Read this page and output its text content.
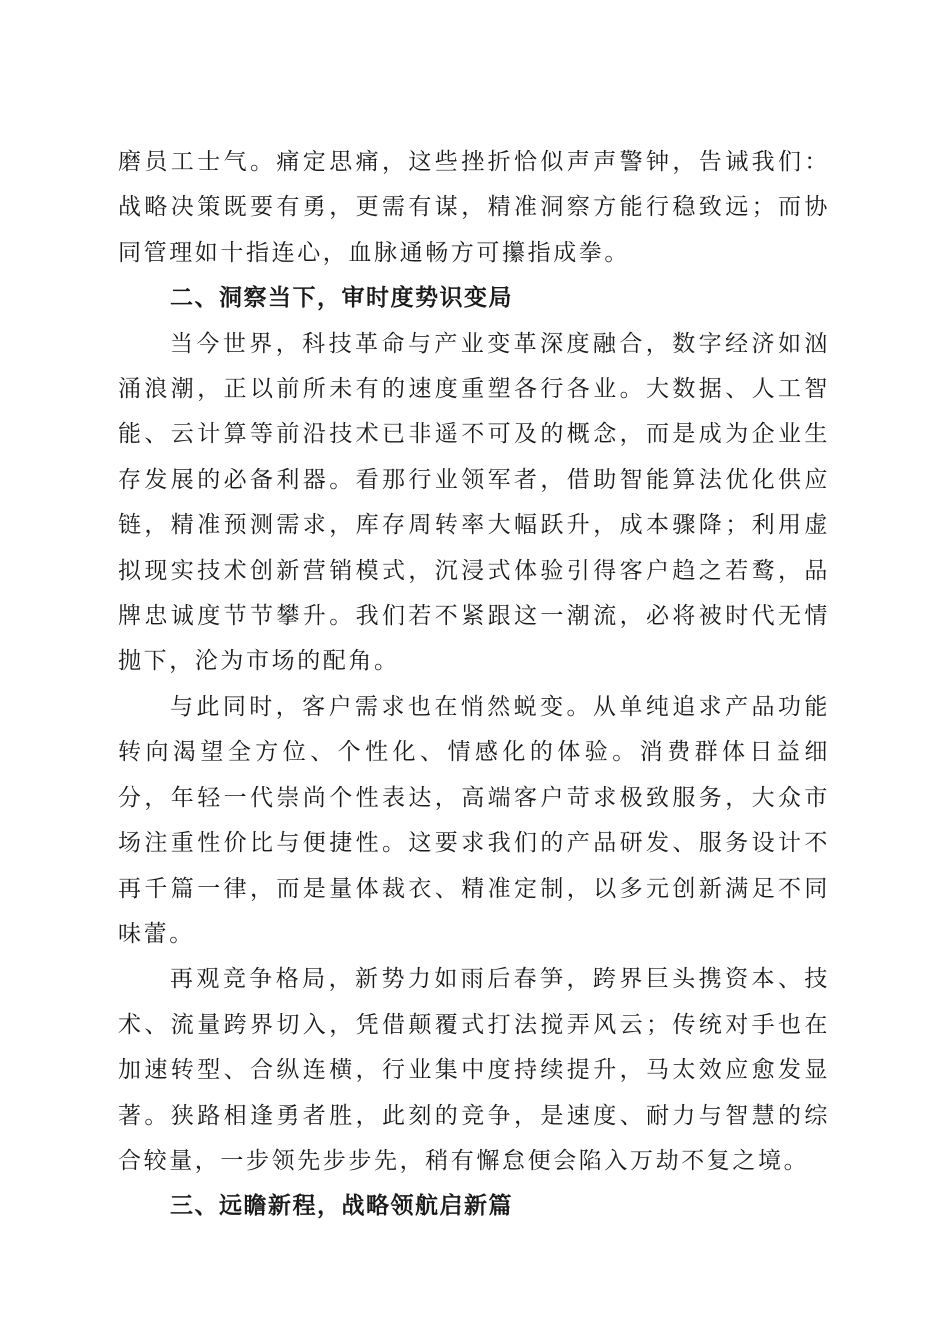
磨员工士气。痛定思痛，这些挫折恰似声声警钟，告诫我们：战略决策既要有勇，更需有谋，精准洞察方能行稳致远；而协同管理如十指连心，血脉通畅方可攥指成拳。

二、洞察当下，审时度势识变局

当今世界，科技革命与产业变革深度融合，数字经济如汹涌浪潮，正以前所未有的速度重塑各行各业。大数据、人工智能、云计算等前沿技术已非遥不可及的概念，而是成为企业生存发展的必备利器。看那行业领军者，借助智能算法优化供应链，精准预测需求，库存周转率大幅跃升，成本骤降；利用虚拟现实技术创新营销模式，沉浸式体验引得客户趋之若鹜，品牌忠诚度节节攀升。我们若不紧跟这一潮流，必将被时代无情抛下，沦为市场的配角。

与此同时，客户需求也在悄然蜕变。从单纯追求产品功能转向渴望全方位、个性化、情感化的体验。消费群体日益细分，年轻一代崇尚个性表达，高端客户苛求极致服务，大众市场注重性价比与便捷性。这要求我们的产品研发、服务设计不再千篇一律，而是量体裁衣、精准定制，以多元创新满足不同味蕾。

再观竞争格局，新势力如雨后春笋，跨界巨头携资本、技术、流量跨界切入，凭借颠覆式打法搅弄风云；传统对手也在加速转型、合纵连横，行业集中度持续提升，马太效应愈发显著。狭路相逢勇者胜，此刻的竞争，是速度、耐力与智慧的综合较量，一步领先步步先，稍有懈怠便会陷入万劫不复之境。

三、远瞻新程，战略领航启新篇
